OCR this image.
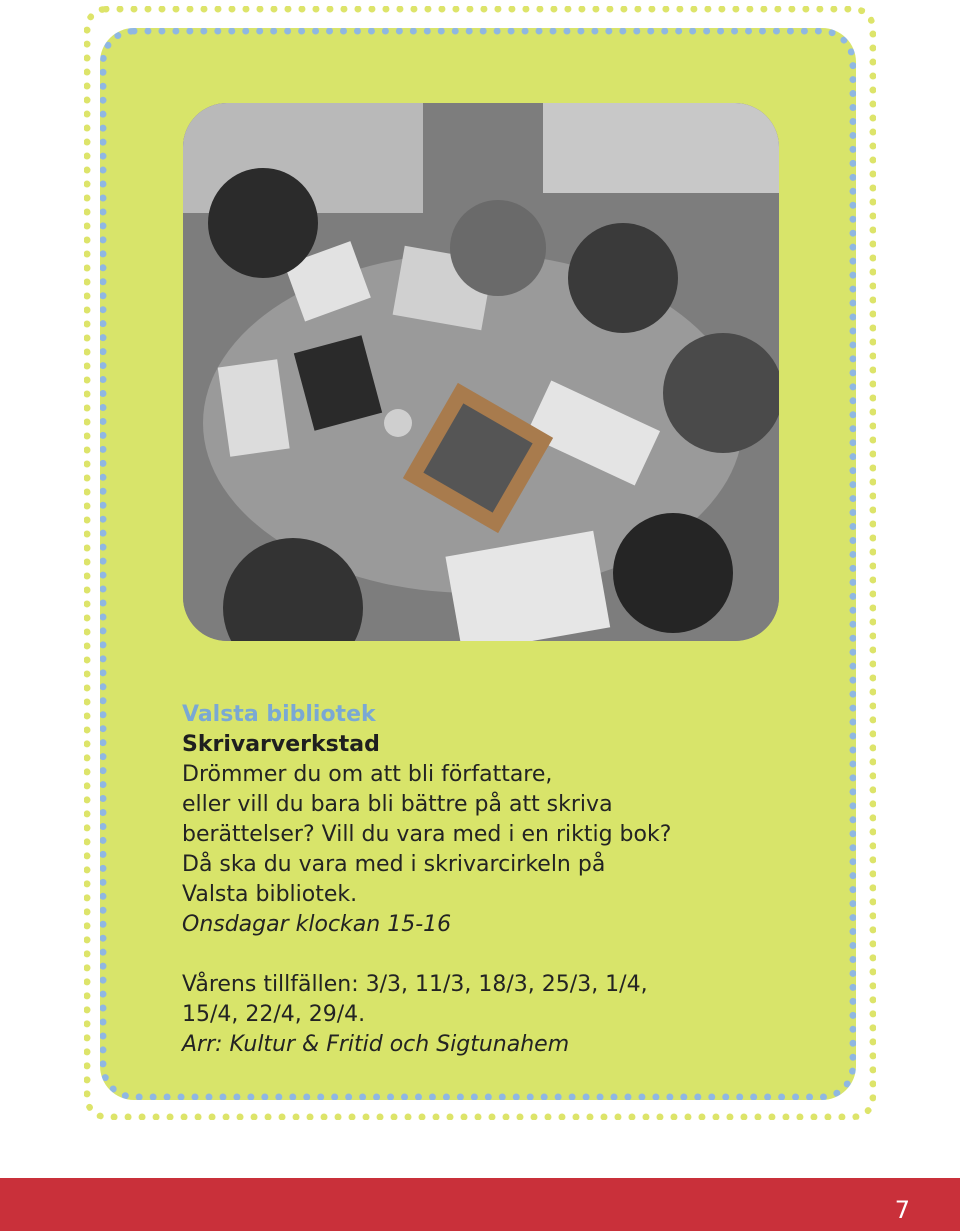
Valsta bibliotek

Skrivarverkstad

Drömmer du om att bli författare,

eller vill du bara bli bättre på att skriva

berättelser? Vill du vara med i en riktig bok?

Då ska du vara med i skrivarcirkeln på

Valsta bibliotek.

Onsdagar klockan 15-16

Vårens tillfällen: 3/3, 11/3, 18/3, 25/3, 1/4,

15/4, 22/4, 29/4.

Arr: Kultur & Fritid och Sigtunahem

7
